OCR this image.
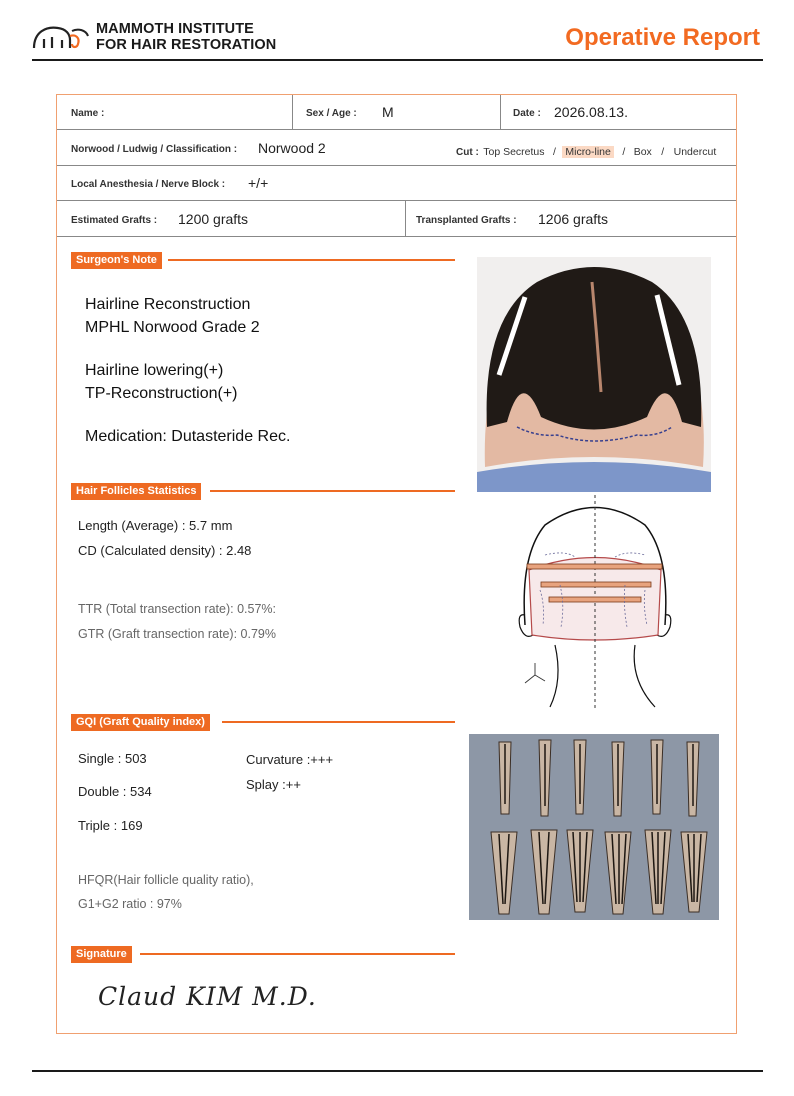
MAMMOTH INSTITUTE
FOR HAIR RESTORATION	Operative Report
Name :	Sex / Age : M	Date : 2026.08.13.
Norwood / Ludwig / Classification : Norwood 2	Cut : Top Secretus / Micro-line / Box / Undercut
Local Anesthesia / Nerve Block : +/+
Estimated Grafts : 1200 grafts	Transplanted Grafts : 1206 grafts
Surgeon's Note
Hairline Reconstruction
MPHL Norwood Grade 2
Hairline lowering(+)
TP-Reconstruction(+)
Medication: Dutasteride Rec.
Hair Follicles Statistics
Length (Average) : 5.7 mm
CD (Calculated density) : 2.48
TTR (Total transection rate): 0.57%:
GTR (Graft transection rate): 0.79%
GQI (Graft Quality index)
Single : 503
Double : 534
Triple : 169
Curvature :+++
Splay :++
HFQR(Hair follicle quality ratio),
G1+G2 ratio : 97%
Signature
Claud KIM M.D.
